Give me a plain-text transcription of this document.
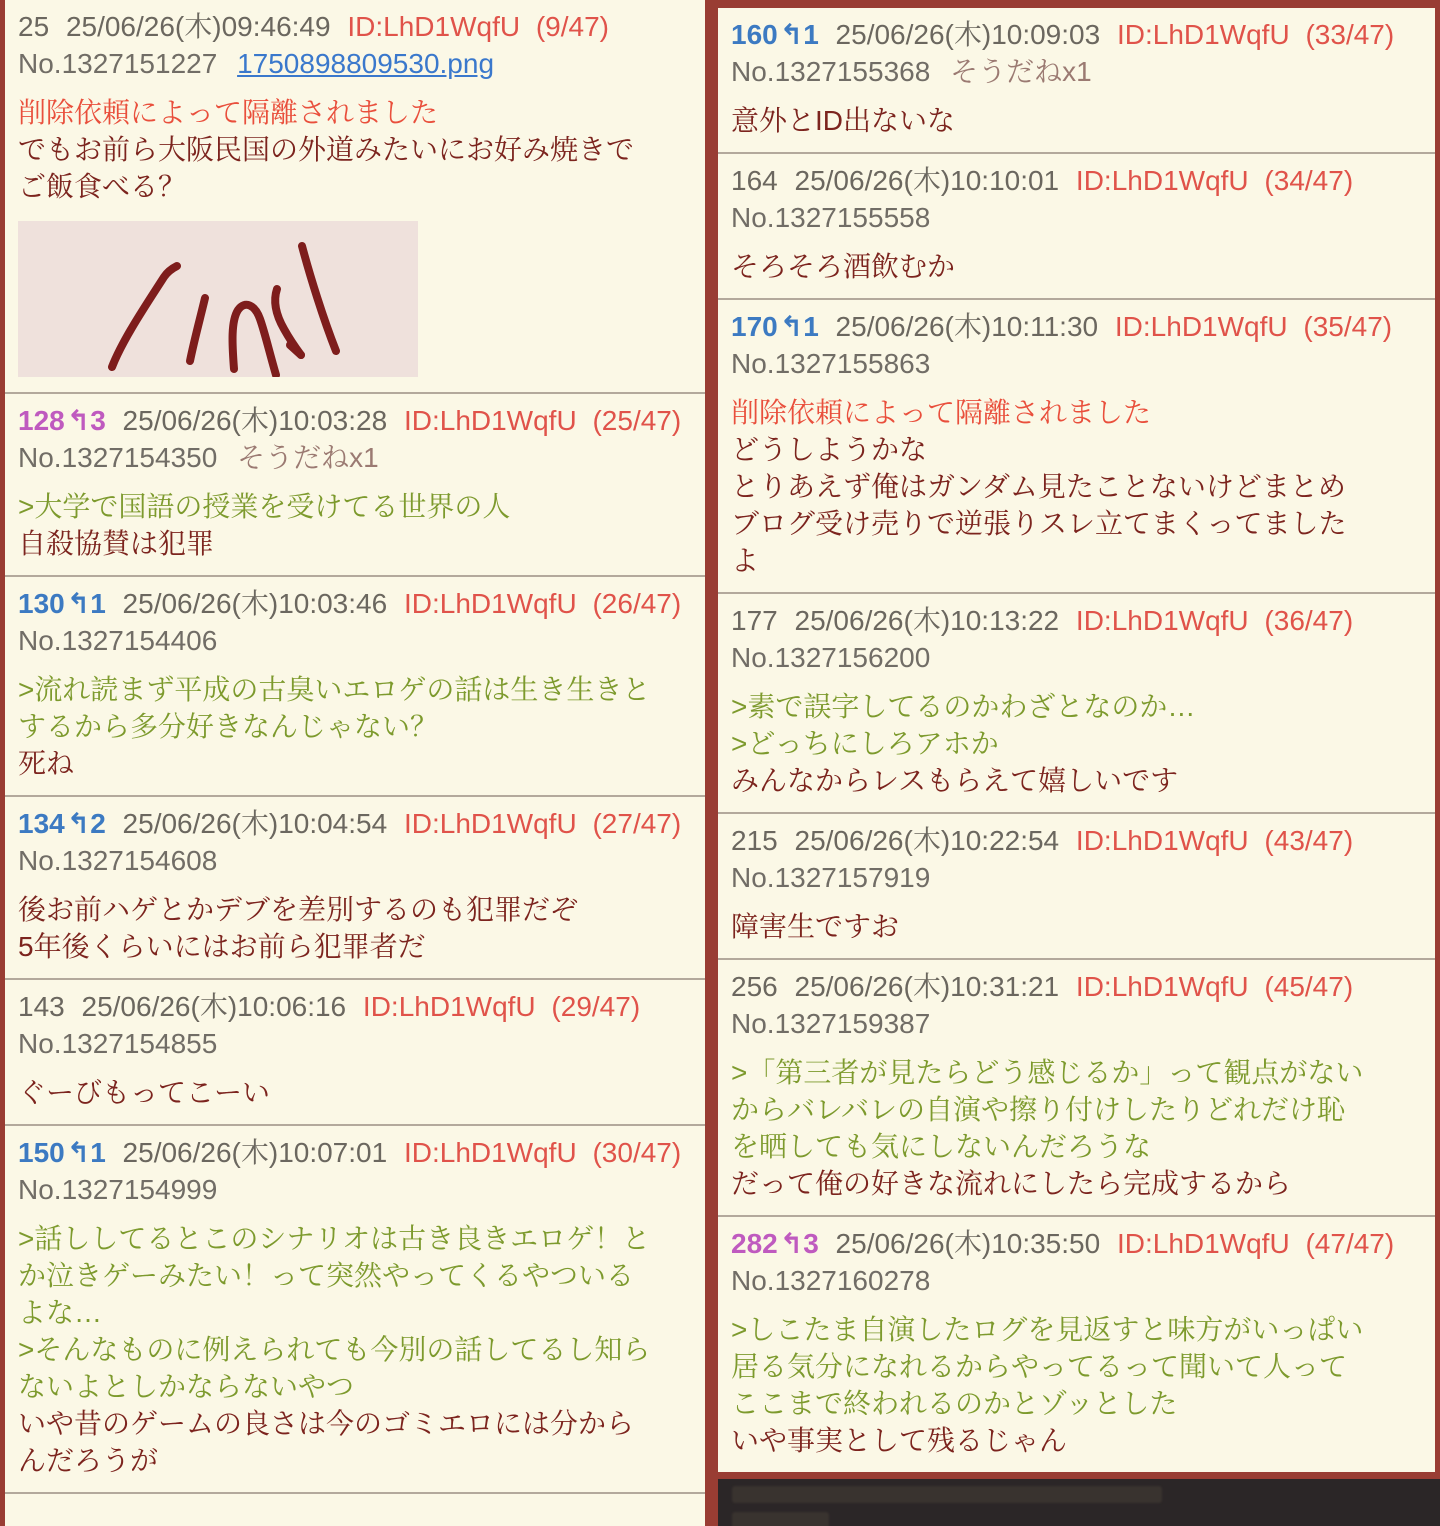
25 25/06/26(木)09:46:49 ID:LhD1WqfU (9/47)
No.1327151227 1750898809530.png
削除依頼によって隔離されました
でもお前ら大阪民国の外道みたいにお好み焼きで
ご飯食べる？
128↰3 25/06/26(木)10:03:28 ID:LhD1WqfU (25/47)
No.1327154350 そうだねx1
>大学で国語の授業を受けてる世界の人
自殺協賛は犯罪
130↰1 25/06/26(木)10:03:46 ID:LhD1WqfU (26/47)
No.1327154406
>流れ読まず平成の古臭いエロゲの話は生き生きと
するから多分好きなんじゃない？
死ね
134↰2 25/06/26(木)10:04:54 ID:LhD1WqfU (27/47)
No.1327154608
後お前ハゲとかデブを差別するのも犯罪だぞ
5年後くらいにはお前ら犯罪者だ
143 25/06/26(木)10:06:16 ID:LhD1WqfU (29/47)
No.1327154855
ぐーびもってこーい
150↰1 25/06/26(木)10:07:01 ID:LhD1WqfU (30/47)
No.1327154999
>話ししてるとこのシナリオは古き良きエロゲ！と
か泣きゲーみたい！って突然やってくるやついる
よな…
>そんなものに例えられても今別の話してるし知ら
ないよとしかならないやつ
いや昔のゲームの良さは今のゴミエロには分から
んだろうが
160↰1 25/06/26(木)10:09:03 ID:LhD1WqfU (33/47)
No.1327155368 そうだねx1
意外とID出ないな
164 25/06/26(木)10:10:01 ID:LhD1WqfU (34/47)
No.1327155558
そろそろ酒飲むか
170↰1 25/06/26(木)10:11:30 ID:LhD1WqfU (35/47)
No.1327155863
削除依頼によって隔離されました
どうしようかな
とりあえず俺はガンダム見たことないけどまとめ
ブログ受け売りで逆張りスレ立てまくってました
よ
177 25/06/26(木)10:13:22 ID:LhD1WqfU (36/47)
No.1327156200
>素で誤字してるのかわざとなのか…
>どっちにしろアホか
みんなからレスもらえて嬉しいです
215 25/06/26(木)10:22:54 ID:LhD1WqfU (43/47)
No.1327157919
障害生ですお
256 25/06/26(木)10:31:21 ID:LhD1WqfU (45/47)
No.1327159387
>「第三者が見たらどう感じるか」って観点がない
からバレバレの自演や擦り付けしたりどれだけ恥
を晒しても気にしないんだろうな
だって俺の好きな流れにしたら完成するから
282↰3 25/06/26(木)10:35:50 ID:LhD1WqfU (47/47)
No.1327160278
>しこたま自演したログを見返すと味方がいっぱい
居る気分になれるからやってるって聞いて人って
ここまで終われるのかとゾッとした
いや事実として残るじゃん
